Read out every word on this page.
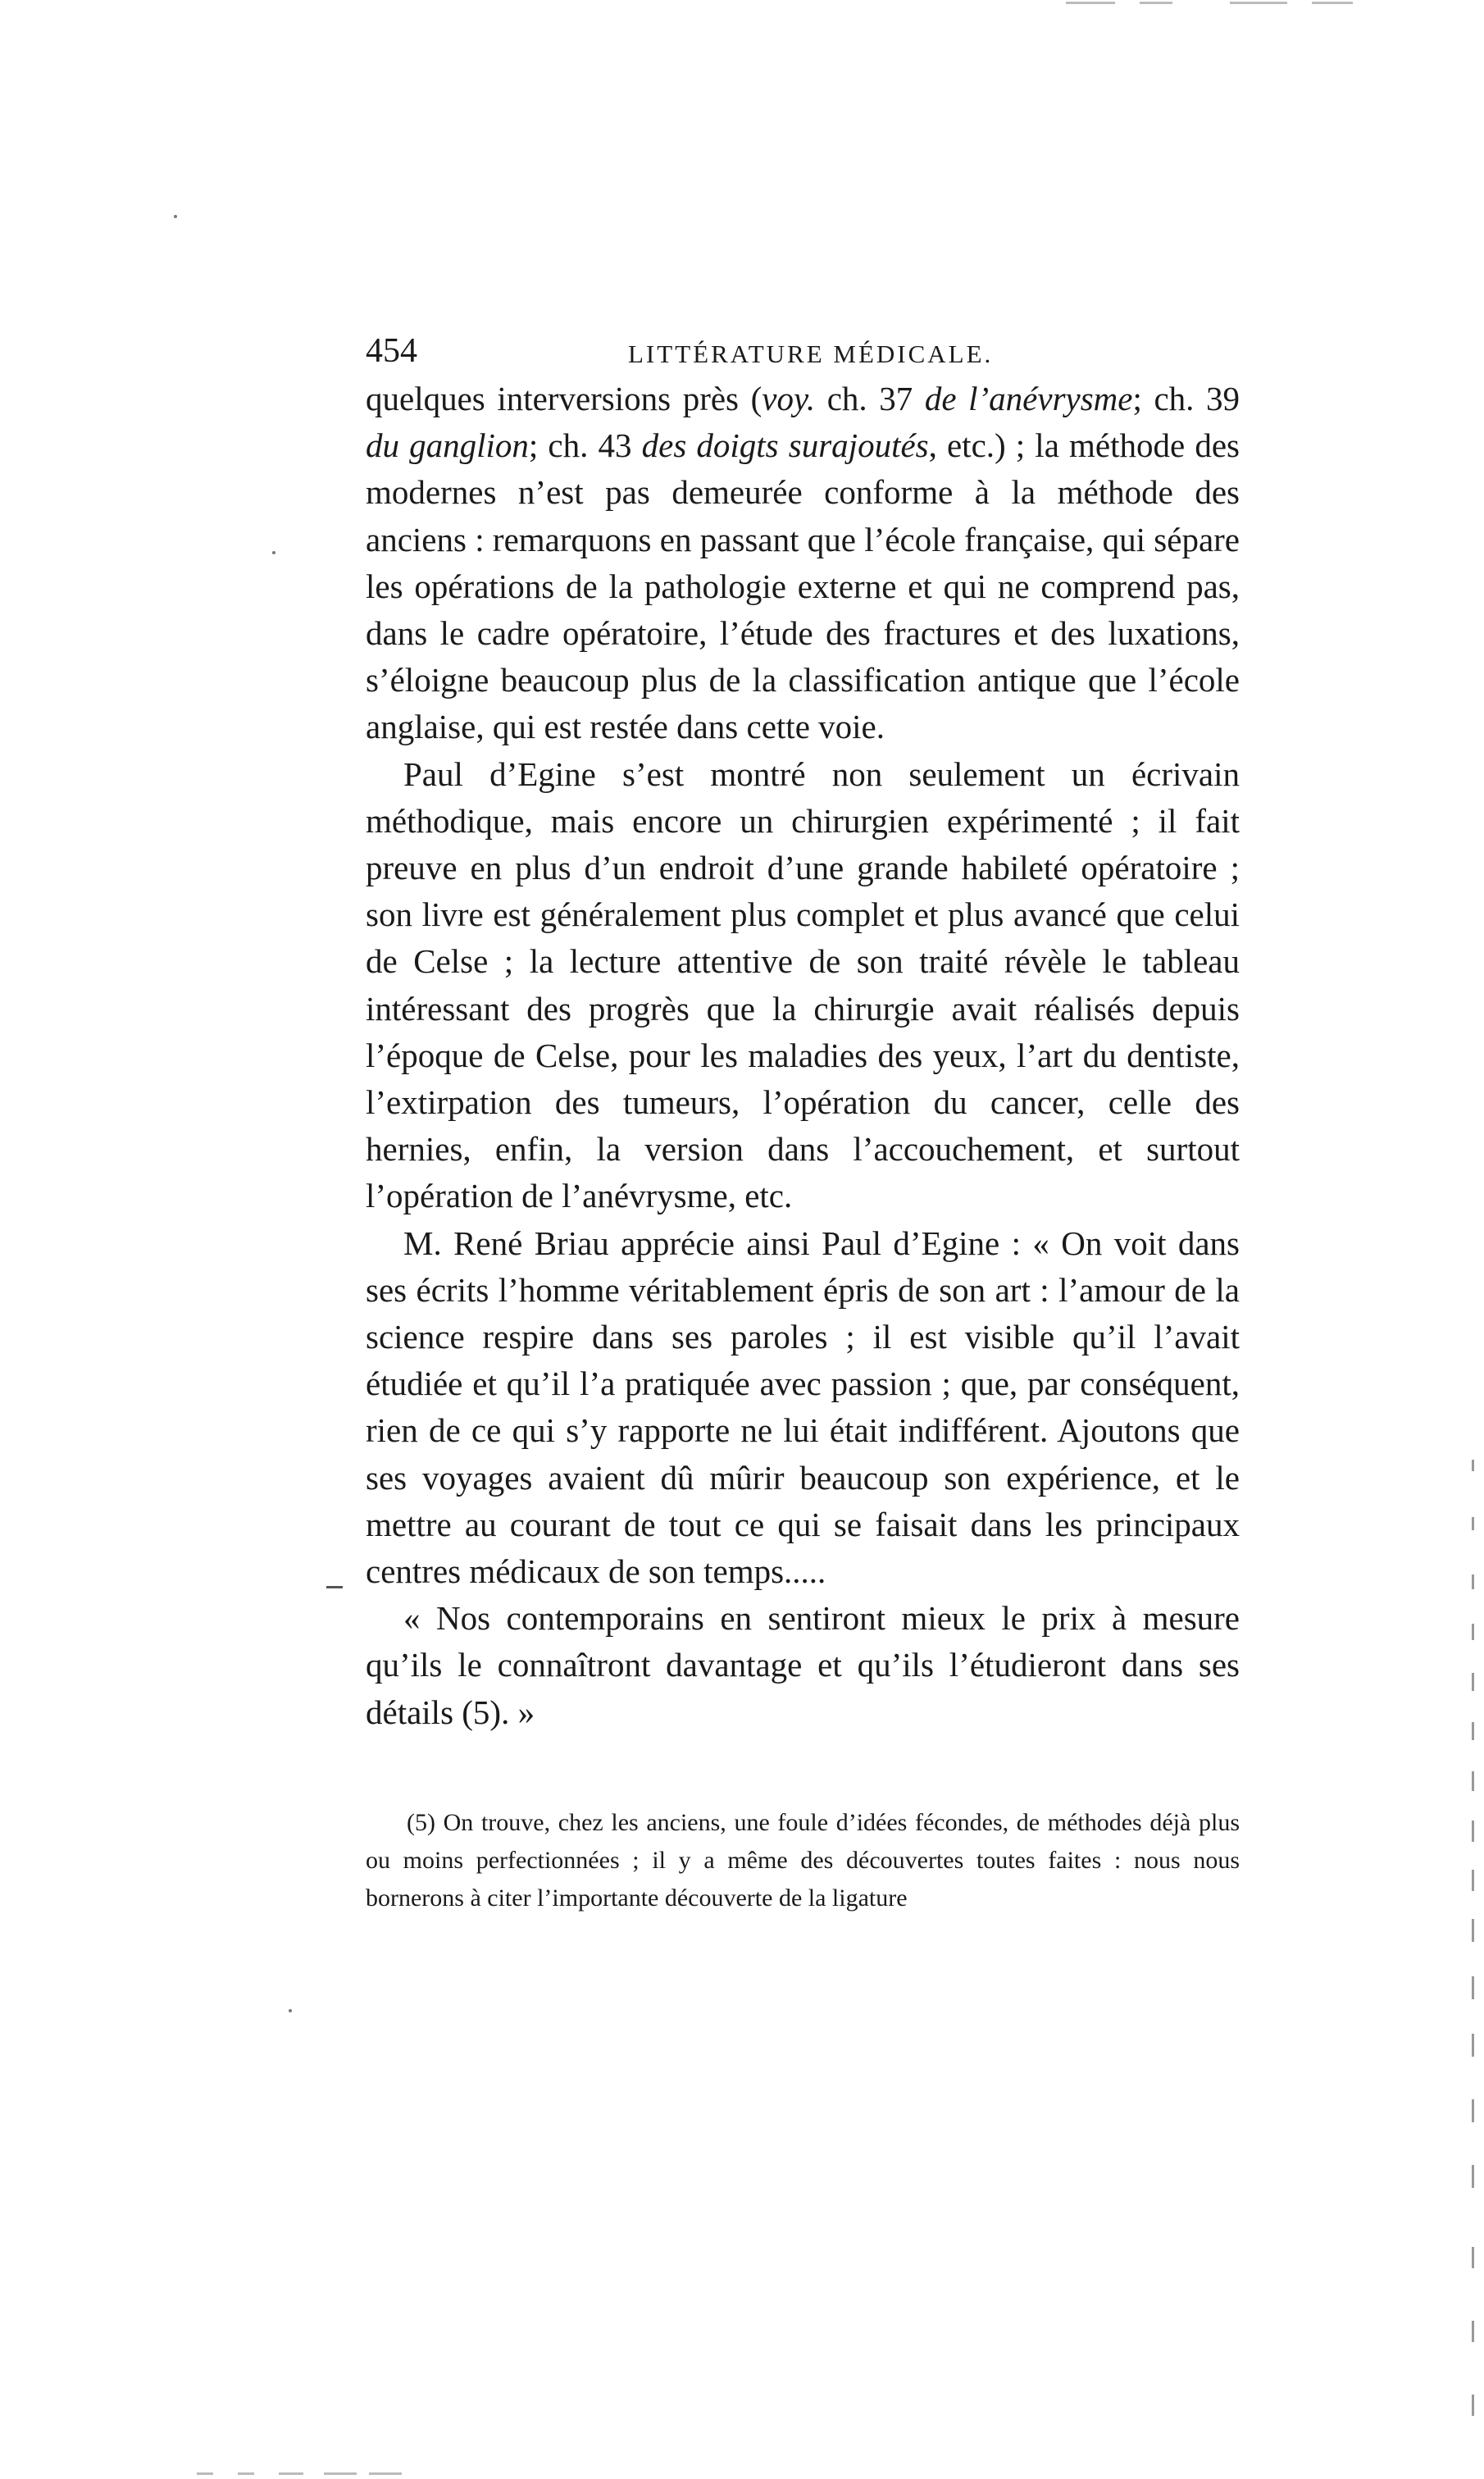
454	LITTÉRATURE MÉDICALE.

quelques interversions près (voy. ch. 37 de l’anévrysme; ch. 39 du ganglion; ch. 43 des doigts surajoutés, etc.) ; la méthode des modernes n’est pas demeurée conforme à la méthode des anciens : remarquons en passant que l’école française, qui sépare les opérations de la pathologie externe et qui ne comprend pas, dans le cadre opératoire, l’étude des fractures et des luxations, s’éloigne beaucoup plus de la classification antique que l’école anglaise, qui est restée dans cette voie.

Paul d’Egine s’est montré non seulement un écrivain méthodique, mais encore un chirurgien expérimenté ; il fait preuve en plus d’un endroit d’une grande habileté opératoire ; son livre est généralement plus complet et plus avancé que celui de Celse ; la lecture attentive de son traité révèle le tableau intéressant des progrès que la chirurgie avait réalisés depuis l’époque de Celse, pour les maladies des yeux, l’art du dentiste, l’extirpation des tumeurs, l’opération du cancer, celle des hernies, enfin, la version dans l’accouchement, et surtout l’opération de l’anévrysme, etc.

M. René Briau apprécie ainsi Paul d’Egine : « On voit dans ses écrits l’homme véritablement épris de son art : l’amour de la science respire dans ses paroles ; il est visible qu’il l’avait étudiée et qu’il l’a pratiquée avec passion ; que, par conséquent, rien de ce qui s’y rapporte ne lui était indifférent. Ajoutons que ses voyages avaient dû mûrir beaucoup son expérience, et le mettre au courant de tout ce qui se faisait dans les principaux centres médicaux de son temps.....

« Nos contemporains en sentiront mieux le prix à mesure qu’ils le connaîtront davantage et qu’ils l’étudieront dans ses détails (5). »

(5) On trouve, chez les anciens, une foule d’idées fécondes, de méthodes déjà plus ou moins perfectionnées ; il y a même des découvertes toutes faites : nous nous bornerons à citer l’importante découverte de la ligature
